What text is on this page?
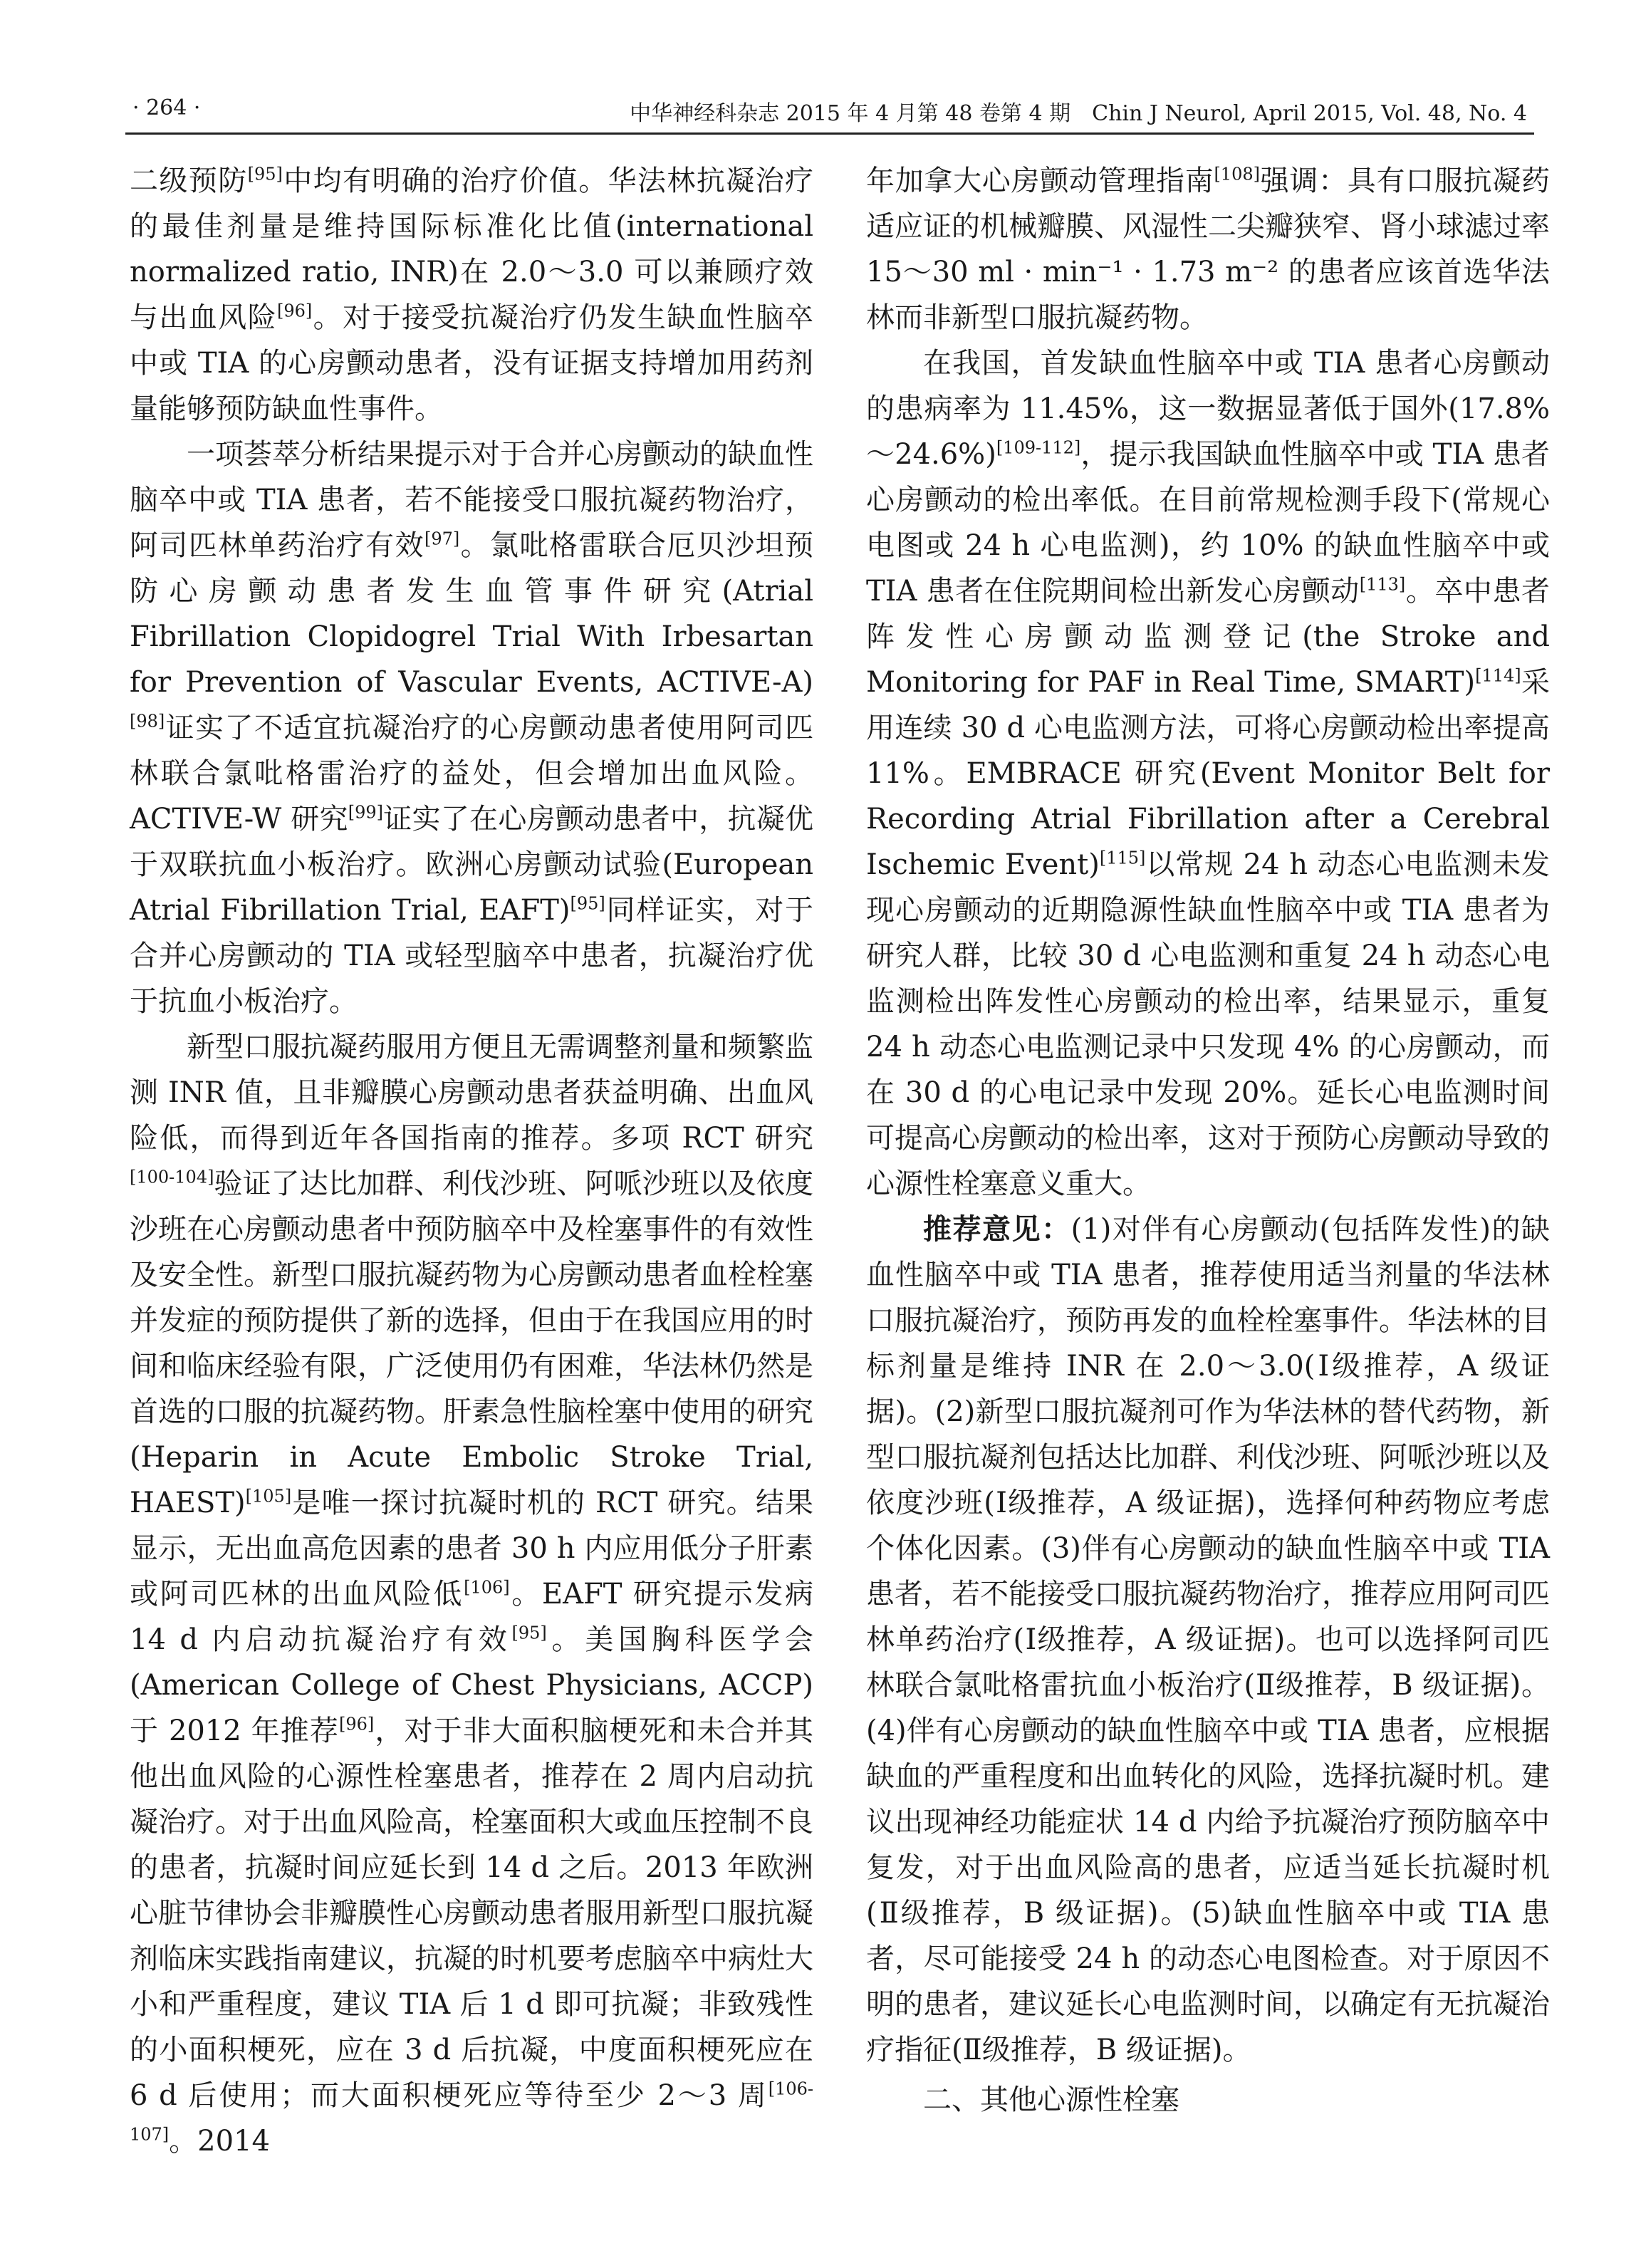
· 264 ·	中华神经科杂志 2015 年 4 月第 48 卷第 4 期　Chin J Neurol, April 2015, Vol. 48, No. 4

二级预防[95]中均有明确的治疗价值。华法林抗凝治疗的最佳剂量是维持国际标准化比值(international normalized ratio, INR)在 2.0～3.0 可以兼顾疗效与出血风险[96]。对于接受抗凝治疗仍发生缺血性脑卒中或 TIA 的心房颤动患者，没有证据支持增加用药剂量能够预防缺血性事件。

一项荟萃分析结果提示对于合并心房颤动的缺血性脑卒中或 TIA 患者，若不能接受口服抗凝药物治疗，阿司匹林单药治疗有效[97]。氯吡格雷联合厄贝沙坦预防心房颤动患者发生血管事件研究(Atrial Fibrillation Clopidogrel Trial With Irbesartan for Prevention of Vascular Events, ACTIVE-A)[98]证实了不适宜抗凝治疗的心房颤动患者使用阿司匹林联合氯吡格雷治疗的益处，但会增加出血风险。ACTIVE-W 研究[99]证实了在心房颤动患者中，抗凝优于双联抗血小板治疗。欧洲心房颤动试验(European Atrial Fibrillation Trial, EAFT)[95]同样证实，对于合并心房颤动的 TIA 或轻型脑卒中患者，抗凝治疗优于抗血小板治疗。

新型口服抗凝药服用方便且无需调整剂量和频繁监测 INR 值，且非瓣膜心房颤动患者获益明确、出血风险低，而得到近年各国指南的推荐。多项 RCT 研究[100-104]验证了达比加群、利伐沙班、阿哌沙班以及依度沙班在心房颤动患者中预防脑卒中及栓塞事件的有效性及安全性。新型口服抗凝药物为心房颤动患者血栓栓塞并发症的预防提供了新的选择，但由于在我国应用的时间和临床经验有限，广泛使用仍有困难，华法林仍然是首选的口服的抗凝药物。肝素急性脑栓塞中使用的研究(Heparin in Acute Embolic Stroke Trial, HAEST)[105]是唯一探讨抗凝时机的 RCT 研究。结果显示，无出血高危因素的患者 30 h 内应用低分子肝素或阿司匹林的出血风险低[106]。EAFT 研究提示发病 14 d 内启动抗凝治疗有效[95]。美国胸科医学会(American College of Chest Physicians, ACCP)于 2012 年推荐[96]，对于非大面积脑梗死和未合并其他出血风险的心源性栓塞患者，推荐在 2 周内启动抗凝治疗。对于出血风险高，栓塞面积大或血压控制不良的患者，抗凝时间应延长到 14 d 之后。2013 年欧洲心脏节律协会非瓣膜性心房颤动患者服用新型口服抗凝剂临床实践指南建议，抗凝的时机要考虑脑卒中病灶大小和严重程度，建议 TIA 后 1 d 即可抗凝；非致残性的小面积梗死，应在 3 d 后抗凝，中度面积梗死应在 6 d 后使用；而大面积梗死应等待至少 2～3 周[106-107]。2014

年加拿大心房颤动管理指南[108]强调：具有口服抗凝药适应证的机械瓣膜、风湿性二尖瓣狭窄、肾小球滤过率 15～30 ml · min⁻¹ · 1.73 m⁻² 的患者应该首选华法林而非新型口服抗凝药物。

在我国，首发缺血性脑卒中或 TIA 患者心房颤动的患病率为 11.45%，这一数据显著低于国外(17.8%～24.6%)[109-112]，提示我国缺血性脑卒中或 TIA 患者心房颤动的检出率低。在目前常规检测手段下(常规心电图或 24 h 心电监测)，约 10% 的缺血性脑卒中或 TIA 患者在住院期间检出新发心房颤动[113]。卒中患者阵发性心房颤动监测登记(the Stroke and Monitoring for PAF in Real Time, SMART)[114]采用连续 30 d 心电监测方法，可将心房颤动检出率提高 11%。EMBRACE 研究(Event Monitor Belt for Recording Atrial Fibrillation after a Cerebral Ischemic Event)[115]以常规 24 h 动态心电监测未发现心房颤动的近期隐源性缺血性脑卒中或 TIA 患者为研究人群，比较 30 d 心电监测和重复 24 h 动态心电监测检出阵发性心房颤动的检出率，结果显示，重复 24 h 动态心电监测记录中只发现 4% 的心房颤动，而在 30 d 的心电记录中发现 20%。延长心电监测时间可提高心房颤动的检出率，这对于预防心房颤动导致的心源性栓塞意义重大。

推荐意见：(1)对伴有心房颤动(包括阵发性)的缺血性脑卒中或 TIA 患者，推荐使用适当剂量的华法林口服抗凝治疗，预防再发的血栓栓塞事件。华法林的目标剂量是维持 INR 在 2.0～3.0(Ⅰ级推荐，A 级证据)。(2)新型口服抗凝剂可作为华法林的替代药物，新型口服抗凝剂包括达比加群、利伐沙班、阿哌沙班以及依度沙班(Ⅰ级推荐，A 级证据)，选择何种药物应考虑个体化因素。(3)伴有心房颤动的缺血性脑卒中或 TIA 患者，若不能接受口服抗凝药物治疗，推荐应用阿司匹林单药治疗(Ⅰ级推荐，A 级证据)。也可以选择阿司匹林联合氯吡格雷抗血小板治疗(Ⅱ级推荐，B 级证据)。(4)伴有心房颤动的缺血性脑卒中或 TIA 患者，应根据缺血的严重程度和出血转化的风险，选择抗凝时机。建议出现神经功能症状 14 d 内给予抗凝治疗预防脑卒中复发，对于出血风险高的患者，应适当延长抗凝时机(Ⅱ级推荐，B 级证据)。(5)缺血性脑卒中或 TIA 患者，尽可能接受 24 h 的动态心电图检查。对于原因不明的患者，建议延长心电监测时间，以确定有无抗凝治疗指征(Ⅱ级推荐，B 级证据)。

二、其他心源性栓塞
